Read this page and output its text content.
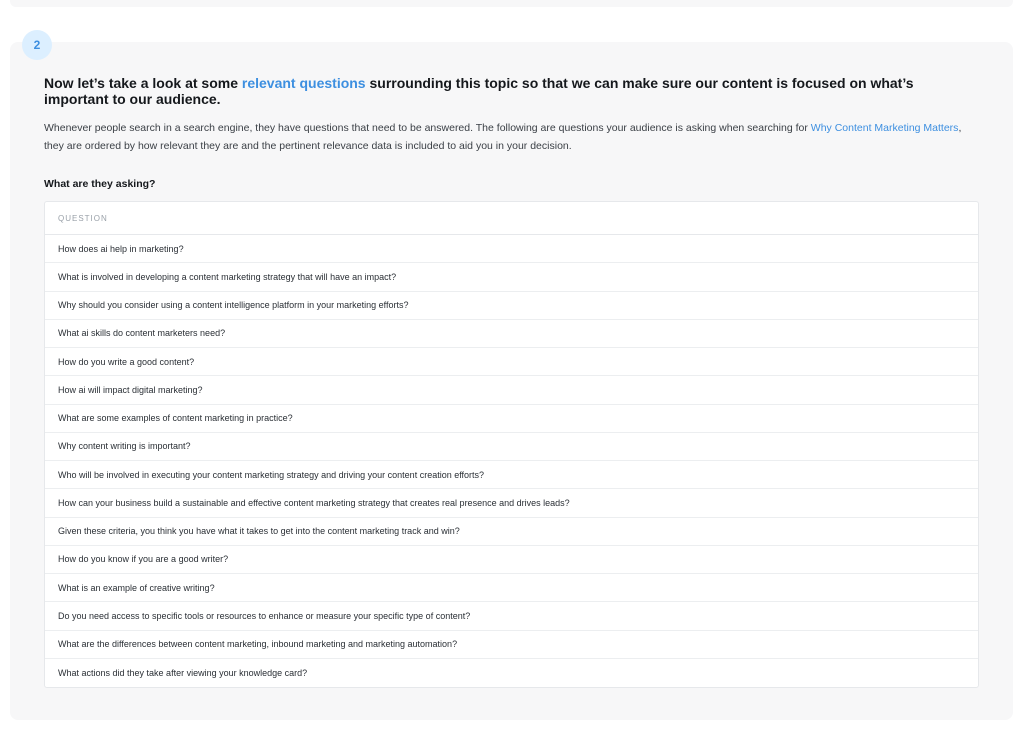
2
Now let’s take a look at some relevant questions surrounding this topic so that we can make sure our content is focused on what’s important to our audience.

Whenever people search in a search engine, they have questions that need to be answered. The following are questions your audience is asking when searching for Why Content Marketing Matters, they are ordered by how relevant they are and the pertinent relevance data is included to aid you in your decision.

What are they asking?
QUESTION
How does ai help in marketing?
What is involved in developing a content marketing strategy that will have an impact?
Why should you consider using a content intelligence platform in your marketing efforts?
What ai skills do content marketers need?
How do you write a good content?
How ai will impact digital marketing?
What are some examples of content marketing in practice?
Why content writing is important?
Who will be involved in executing your content marketing strategy and driving your content creation efforts?
How can your business build a sustainable and effective content marketing strategy that creates real presence and drives leads?
Given these criteria, you think you have what it takes to get into the content marketing track and win?
How do you know if you are a good writer?
What is an example of creative writing?
Do you need access to specific tools or resources to enhance or measure your specific type of content?
What are the differences between content marketing, inbound marketing and marketing automation?
What actions did they take after viewing your knowledge card?
